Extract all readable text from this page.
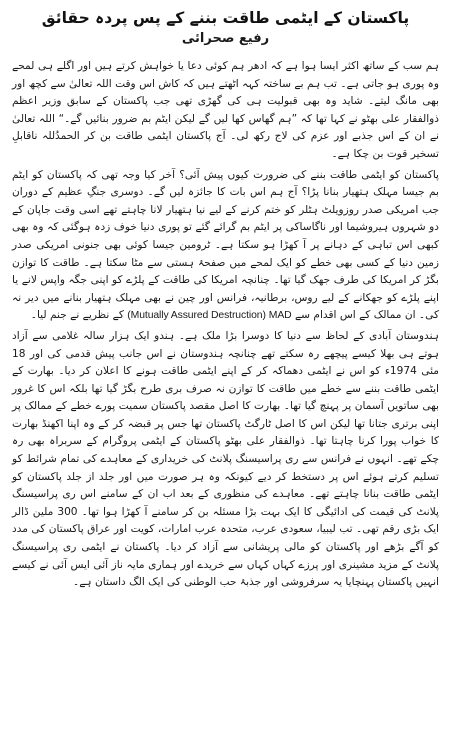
پاکستان کے ایٹمی طاقت بننے کے پس پردہ حقائق
رفیع صحرائی

ہم سب کے ساتھ اکثر ایسا ہوا ہے کہ ادھر ہم کوئی دعا یا خواہش کرتے ہیں اور اگلے ہی لمحے وہ پوری ہو جاتی ہے۔ تب ہم بے ساختہ کہہ اٹھتے ہیں کہ کاش اس وقت اللہ تعالیٰ سے کچھ اور بھی مانگ لیتے۔ شاید وہ بھی قبولیت ہی کی گھڑی تھی جب پاکستان کے سابق وزیر اعظم ذوالفقار علی بھٹو نے کہا تھا کہ ”ہم گھاس کھا لیں گے لیکن ایٹم بم ضرور بنائیں گے۔“ اللہ تعالیٰ نے ان کے اس جذبے اور عزم کی لاج رکھ لی۔ آج پاکستان ایٹمی طاقت بن کر الحمدُللہ ناقابلِ تسخیر قوت بن چکا ہے۔

پاکستان کو ایٹمی طاقت بننے کی ضرورت کیوں پیش آئی؟ آخر کیا وجہ تھی کہ پاکستان کو ایٹم بم جیسا مہلک ہتھیار بنانا پڑا؟ آج ہم اس بات کا جائزہ لیں گے۔ دوسری جنگِ عظیم کے دوران جب امریکی صدر روزویلٹ ہٹلر کو ختم کرنے کے لیے نیا ہتھیار لانا چاہتے تھے اسی وقت جاپان کے دو شہروں ہیروشیما اور ناگاساکی پر ایٹم بم گرائے گئے تو پوری دنیا خوف زدہ ہوگئی کہ وہ بھی کبھی اس تباہی کے دہانے پر آ کھڑا ہو سکتا ہے۔ ٹرومین جیسا کوئی بھی جنونی امریکی صدر زمین دنیا کے کسی بھی خطے کو ایک لمحے میں صفحۂ ہستی سے مٹا سکتا ہے۔ طاقت کا توازن بگڑ کر امریکا کی طرف جھک گیا تھا۔ چنانچہ امریکا کی طاقت کے پلڑے کو اپنی جگہ واپس لانے یا اپنے پلڑے کو جھکانے کے لیے روس، برطانیہ، فرانس اور چین نے بھی مہلک ہتھیار بنانے میں دیر نہ کی۔ ان ممالک کے اس اقدام سے (Mutually Assured Destruction) MAD کے نظریے نے جنم لیا۔

ہندوستان آبادی کے لحاظ سے دنیا کا دوسرا بڑا ملک ہے۔ ہندو ایک ہزار سالہ غلامی سے آزاد ہوتے ہی بھلا کیسے پیچھے رہ سکتے تھے چنانچہ ہندوستان نے اس جانب پیش قدمی کی اور 18 مئی 1974ء کو اس نے ایٹمی دھماکہ کر کے اپنے ایٹمی طاقت ہونے کا اعلان کر دیا۔ بھارت کے ایٹمی طاقت بننے سے خطے میں طاقت کا توازن نہ صرف بری طرح بگڑ گیا تھا بلکہ اس کا غرور بھی ساتویں آسمان پر پہنچ گیا تھا۔ بھارت کا اصل مقصد پاکستان سمیت پورے خطے کے ممالک پر اپنی برتری جتانا تھا لیکن اس کا اصل ٹارگٹ پاکستان تھا جس پر قبضہ کر کے وہ اپنا اکھنڈ بھارت کا خواب پورا کرنا چاہتا تھا۔ ذوالفقار علی بھٹو پاکستان کے ایٹمی پروگرام کے سربراہ بھی رہ چکے تھے۔ انہوں نے فرانس سے ری پراسیسنگ پلانٹ کی خریداری کے معاہدے کی تمام شرائط کو تسلیم کرتے ہوئے اس پر دستخط کر دیے کیونکہ وہ ہر صورت میں اور جلد از جلد پاکستان کو ایٹمی طاقت بنانا چاہتے تھے۔ معاہدے کی منظوری کے بعد اب ان کے سامنے اس ری پراسیسنگ پلانٹ کی قیمت کی ادائیگی کا ایک بہت بڑا مسئلہ بن کر سامنے آ کھڑا ہوا تھا۔ 300 ملین ڈالر ایک بڑی رقم تھی۔ تب لیبیا، سعودی عرب، متحدہ عرب امارات، کویت اور عراق پاکستان کی مدد کو آگے بڑھے اور پاکستان کو مالی پریشانی سے آزاد کر دیا۔ پاکستان نے ایٹمی ری پراسیسنگ پلانٹ کے مزید مشینری اور پرزے کہاں کہاں سے خریدے اور ہماری مایہ ناز آئی ایس آئی نے کیسے انہیں پاکستان پہنچایا یہ سرفروشی اور جذبۂ حب الوطنی کی ایک الگ داستان ہے۔
